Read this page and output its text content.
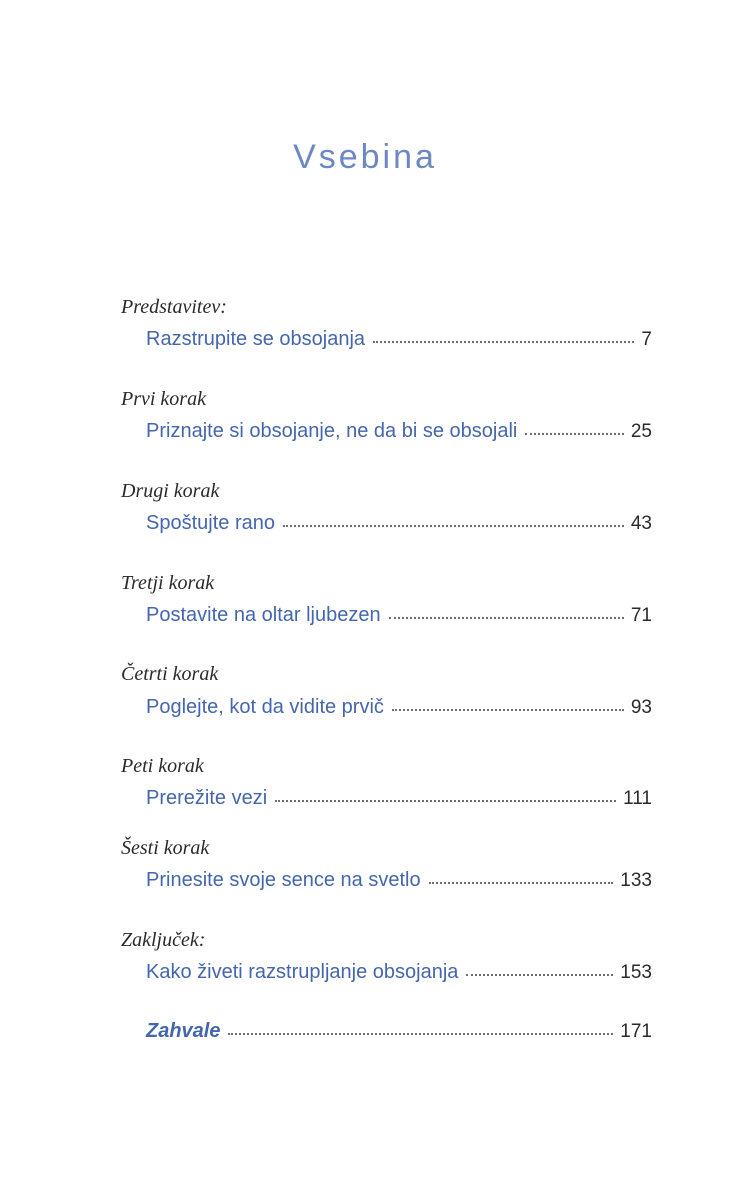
Vsebina
Predstavitev:
Razstrupite se obsojanja	7
Prvi korak
Priznajte si obsojanje, ne da bi se obsojali	25
Drugi korak
Spoštujte rano	43
Tretji korak
Postavite na oltar ljubezen	71
Četrti korak
Poglejte, kot da vidite prvič	93
Peti korak
Prerežite vezi	111
Šesti korak
Prinesite svoje sence na svetlo	133
Zaključek:
Kako živeti razstrupljanje obsojanja	153
Zahvale	171
